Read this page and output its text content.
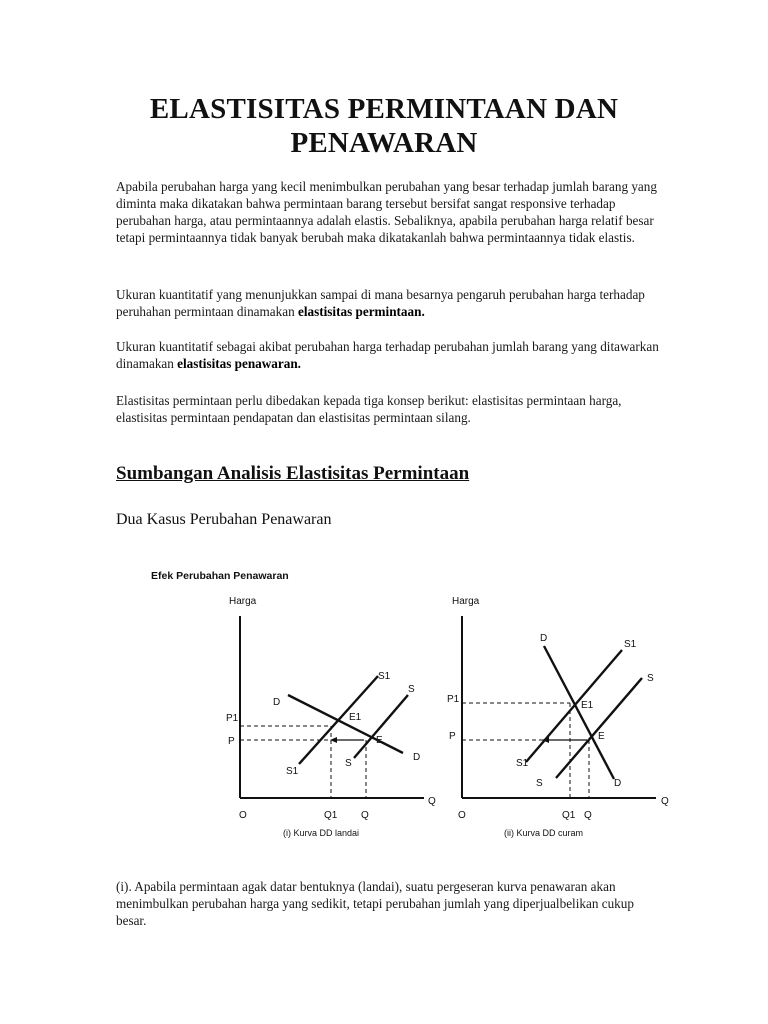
ELASTISITAS PERMINTAAN DAN
PENAWARAN

Apabila perubahan harga yang kecil menimbulkan perubahan yang besar terhadap jumlah barang yang diminta maka dikatakan bahwa permintaan barang tersebut bersifat sangat responsive terhadap perubahan harga, atau permintaannya adalah elastis. Sebaliknya, apabila perubahan harga relatif besar tetapi permintaannya tidak banyak berubah maka dikatakanlah bahwa permintaannya tidak elastis.

Ukuran kuantitatif yang menunjukkan sampai di mana besarnya pengaruh perubahan harga terhadap peruhahan permintaan dinamakan elastisitas permintaan.

Ukuran kuantitatif sebagai akibat perubahan harga terhadap perubahan jumlah barang yang ditawarkan dinamakan elastisitas penawaran.

Elastisitas permintaan perlu dibedakan kepada tiga konsep berikut: elastisitas permintaan harga, elastisitas permintaan pendapatan dan elastisitas permintaan silang.

Sumbangan Analisis Elastisitas Permintaan
Dua Kasus Perubahan Penawaran
Efek Perubahan Penawaran
Harga
Q
O
P1
P
Q1 Q
D
D
S1
S1
S
S
E1
E
(i) Kurva DD landai
Harga
Q
O
P1
P
Q1 Q
D
D
S1
S1
S
S
E1
E
(ii) Kurva DD curam

(i). Apabila permintaan agak datar bentuknya (landai), suatu pergeseran kurva penawaran akan menimbulkan perubahan harga yang sedikit, tetapi perubahan jumlah yang diperjualbelikan cukup besar.
